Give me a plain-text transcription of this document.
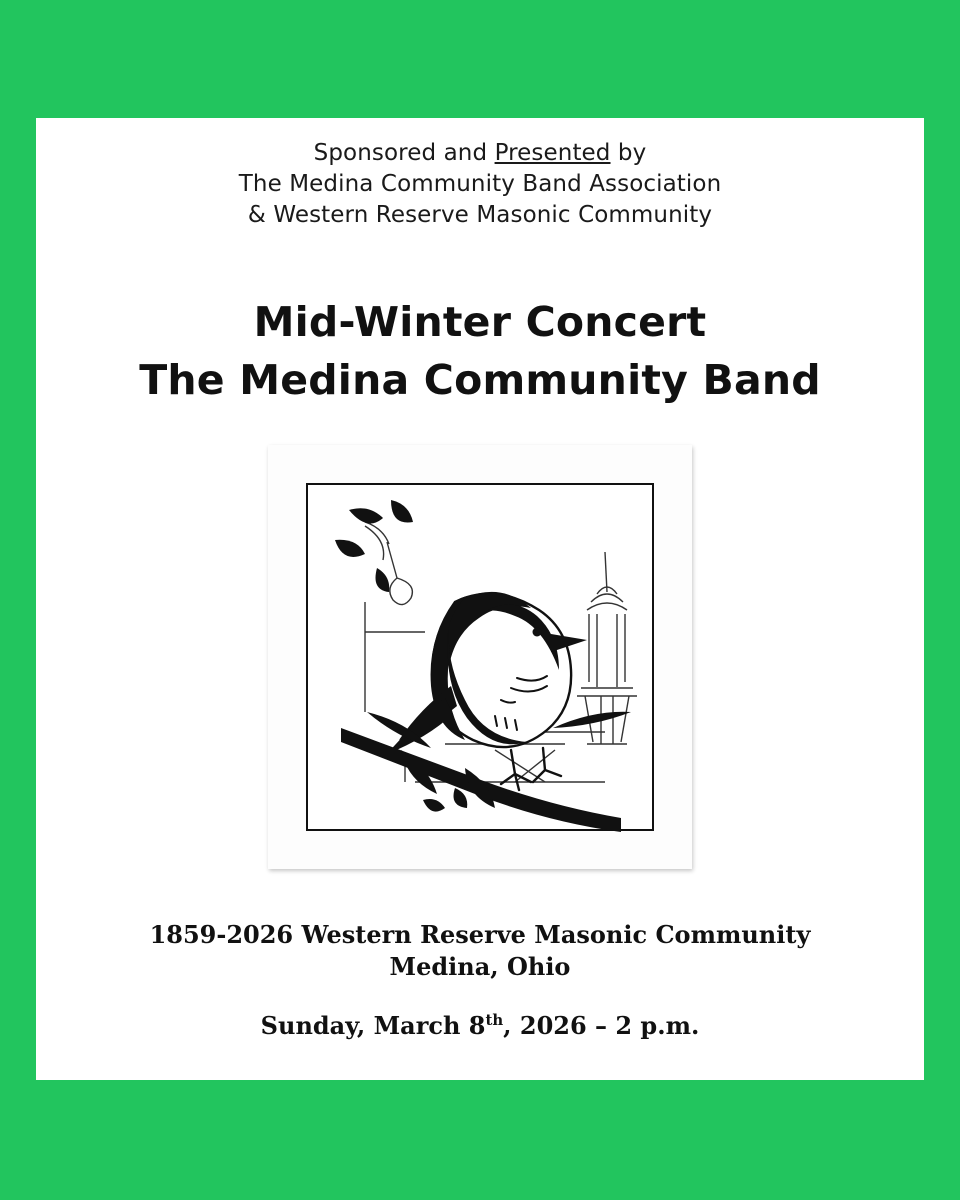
Sponsored and Presented by
The Medina Community Band Association
& Western Reserve Masonic Community
Mid-Winter Concert
The Medina Community Band
1859-2026 Western Reserve Masonic Community
Medina, Ohio
Sunday, March 8th, 2026 – 2 p.m.
